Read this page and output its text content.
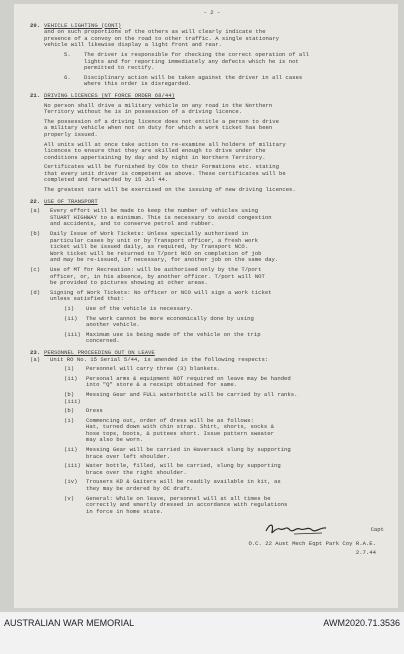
- 2 -
20. VEHICLE LIGHTING (CONT)
and on such proportions of the others as will clearly indicate the
presence of a convoy on the road to other traffic. A single stationary
vehicle will likewise display a light front and rear.
5.	The driver is responsible for checking the correct operation of all
lights and for reporting immediately any defects which he is not
permitted to rectify.
6.	Disciplinary action will be taken against the driver in all cases
where this order is disregarded.
21. DRIVING LICENCES (NT FORCE ORDER 68/44)
No person shall drive a military vehicle on any road in the Northern
Territory without he is in possession of a driving licence.
The possession of a driving licence does not entitle a person to drive
a military vehicle when not on duty for which a work ticket has been
properly issued.
All units will at once take action to re-examine all holders of military
licences to ensure that they are skilled enough to drive under the
conditions appertaining by day and by night in Northern Territory.
Certificates will be furnished by COs to their Formations etc. stating
that every unit driver is competent as above. These certificates will be
completed and forwarded by 15 Jul 44.
The greatest care will be exercised on the issuing of new driving licences.
22. USE OF TRANSPORT
(a)	Every effort will be made to keep the number of vehicles using
STUART HIGHWAY to a minimum. This is necessary to avoid congestion
and accidents, and to conserve petrol and rubber.
(b)	Daily Issue of Work Tickets: Unless specially authorised in
particular cases by unit or by Transport officer, a fresh work
ticket will be issued daily, as required, by Transport NCO.
Work ticket will be returned to T/port NCO on completion of job
and may be re-issued, if necessary, for another job on the same day.
(c)	Use of MT for Recreation: will be authorised only by the T/port
officer, or, in his absence, by another officer. T/port will NOT
be provided to pictures showing at other areas.
(d)	Signing of Work Tickets: No officer or NCO will sign a work ticket
unless satisfied that:
(i)	Use of the vehicle is necessary.
(ii)	The work cannot be more economically done by using
another vehicle.
(iii) Maximum use is being made of the vehicle on the trip
concerned.
23. PERSONNEL PROCEEDING OUT ON LEAVE
(a)	Unit RO No. 15 Serial 5/44, is amended in the following respects:
(i)	Personnel will carry three (3) blankets.
(ii)	Personal arms & equipment NOT required on leave may be handed
into "Q" store & a receipt obtained for same.
(b) (iii)
Messing Gear and FULL waterbottle will be carried by all ranks.
(b)	Dress
(i)	Commencing out, order of dress will be as follows:
Hat, turned down with chin strap. Shirt, shorts, socks &
hose tops, boots, & puttees short. Issue pattern sweater
may also be worn.
(ii)	Messing Gear will be carried in Haversack slung by supporting
brace over left shoulder.
(iii) Water bottle, filled, will be carried, slung by supporting
brace over the right shoulder.
(iv)	Trousers KD & Gaiters will be readily available in kit, as
they may be ordered by OC draft.
(v)	General: While on leave, personnel will at all times be
correctly and smartly dressed in accordance with regulations
in force in home state.
Capt
O.C. 22 Aust Mech Eqpt Park Coy R.A.E.
2.7.44
AUSTRALIAN WAR MEMORIAL	AWM2020.71.3536
